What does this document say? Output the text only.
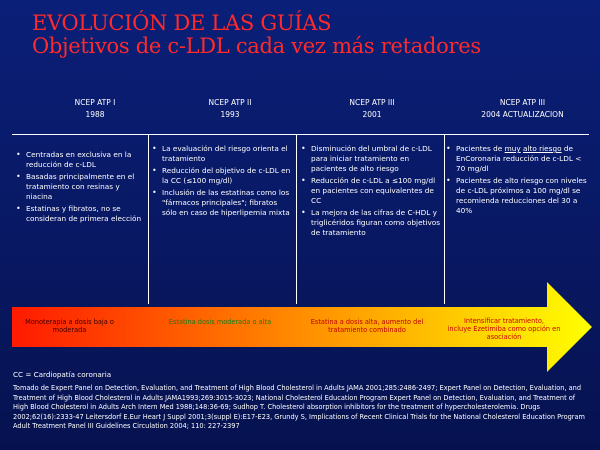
EVOLUCIÓN DE LAS GUÍAS
Objetivos de c-LDL cada vez más retadores
NCEP ATP I
1988
NCEP ATP II
1993
NCEP ATP III
2001
NCEP ATP III
2004 ACTUALIZACION
• Centradas en exclusiva en la reducción de c-LDL
• Basadas principalmente en el tratamiento con resinas y niacina
• Estatinas y fibratos, no se consideran de primera elección
• La evaluación del riesgo orienta el tratamiento
• Reducción del objetivo de c-LDL en la CC (≤100 mg/dl)
• Inclusión de las estatinas como los "fármacos principales"; fibratos sólo en caso de hiperlipemia mixta
• Disminución del umbral de c-LDL para iniciar tratamiento en pacientes de alto riesgo
• Reducción de c-LDL a ≤100 mg/dl en pacientes con equivalentes de CC
• La mejora de las cifras de C-HDL y triglicéridos figuran como objetivos de tratamiento
• Pacientes de muy alto riesgo de EnCoronaria reducción de c-LDL < 70 mg/dl
• Pacientes de alto riesgo con niveles de c-LDL próximos a 100 mg/dl se recomienda reducciones del 30 a 40%
Monoterapia a dosis baja o moderada
Estatina dosis moderada o alta	Estatina a dosis alta, aumento del tratamiento combinado
Intensificar tratamiento,
incluye Ezetimiba como opción en asociación
CC = Cardiopatía coronaria
Tomado de Expert Panel on Detection, Evaluation, and Treatment of High Blood Cholesterol in Adults JAMA 2001;285:2486-2497; Expert Panel on Detection, Evaluation, and Treatment of High Blood Cholesterol in Adults JAMA1993;269:3015-3023; National Cholesterol Education Program Expert Panel on Detection, Evaluation, and Treatment of High Blood Cholesterol in Adults Arch Intern Med 1988;148:36-69; Sudhop T. Cholesterol absorption inhibitors for the treatment of hypercholesterolemia. Drugs 2002;62(16):2333-47 Leitersdorf E.Eur Heart J Suppl 2001;3(suppl E):E17-E23, Grundy S, Implications of Recent Clinical Trials for the National Cholesterol Education Program Adult Treatment Panel III Guidelines Circulation 2004; 110: 227-2397
